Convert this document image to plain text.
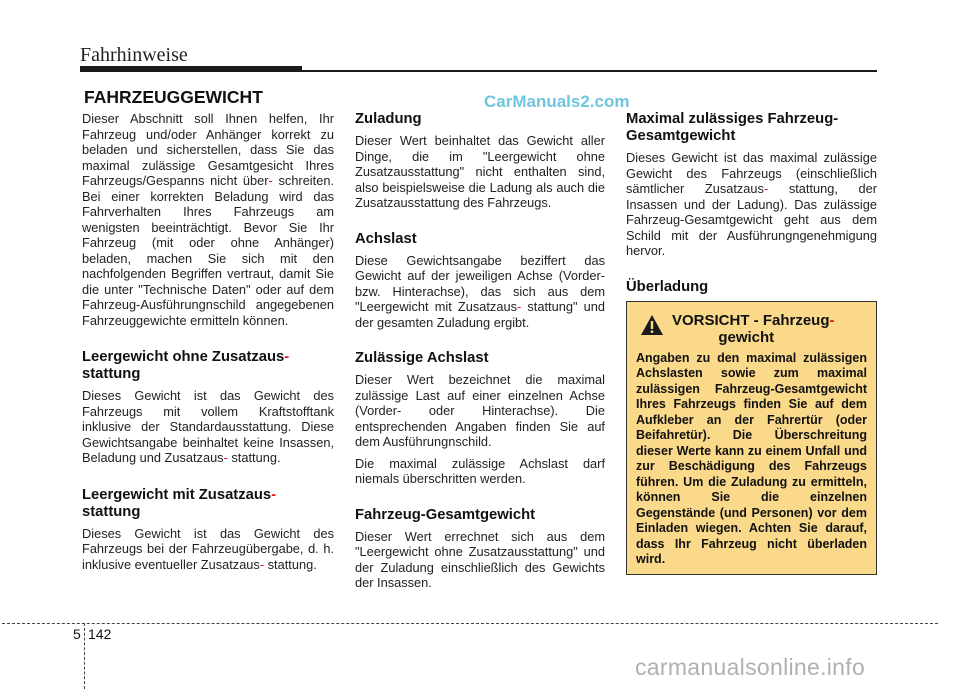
Fahrhinweise
FAHRZEUGGEWICHT	CarManuals2.com

Dieser Abschnitt soll Ihnen helfen, Ihr Fahrzeug und/oder Anhänger korrekt zu beladen und sicherstellen, dass Sie das maximal zulässige Gesamtgesicht Ihres Fahrzeugs/Gespanns nicht über- schreiten. Bei einer korrekten Beladung wird das Fahrverhalten Ihres Fahrzeugs am wenigsten beeinträchtigt. Bevor Sie Ihr Fahrzeug (mit oder ohne Anhänger) beladen, machen Sie sich mit den nachfolgenden Begriffen vertraut, damit Sie die unter "Technische Daten" oder auf dem Fahrzeug-Ausführungnschild angegebenen Fahrzeuggewichte ermitteln können.

Leergewicht ohne Zusatzaus-
stattung

Dieses Gewicht ist das Gewicht des Fahrzeugs mit vollem Kraftstofftank inklusive der Standardausstattung. Diese Gewichtsangabe beinhaltet keine Insassen, Beladung und Zusatzaus- stattung.

Leergewicht mit Zusatzaus-
stattung

Dieses Gewicht ist das Gewicht des Fahrzeugs bei der Fahrzeugübergabe, d. h. inklusive eventueller Zusatzaus- stattung.

Zuladung

Dieser Wert beinhaltet das Gewicht aller Dinge, die im "Leergewicht ohne Zusatzausstattung" nicht enthalten sind, also beispielsweise die Ladung als auch die Zusatzausstattung des Fahrzeugs.

Achslast

Diese Gewichtsangabe beziffert das Gewicht auf der jeweiligen Achse (Vorder- bzw. Hinterachse), das sich aus dem "Leergewicht mit Zusatzaus- stattung" und der gesamten Zuladung ergibt.

Zulässige Achslast

Dieser Wert bezeichnet die maximal zulässige Last auf einer einzelnen Achse (Vorder- oder Hinterachse). Die entsprechenden Angaben finden Sie auf dem Ausführungnschild.

Die maximal zulässige Achslast darf niemals überschritten werden.

Fahrzeug-Gesamtgewicht

Dieser Wert errechnet sich aus dem "Leergewicht ohne Zusatzausstattung" und der Zuladung einschließlich des Gewichts der Insassen.

Maximal zulässiges Fahrzeug-Gesamtgewicht

Dieses Gewicht ist das maximal zulässige Gewicht des Fahrzeugs (einschließlich sämtlicher Zusatzaus- stattung, der Insassen und der Ladung). Das zulässige Fahrzeug-Gesamtgewicht geht aus dem Schild mit der Ausführungngenehmigung hervor.

Überladung
VORSICHT - Fahrzeug-
gewicht
Angaben zu den maximal zulässigen Achslasten sowie zum maximal zulässigen Fahrzeug-Gesamtgewicht Ihres Fahrzeugs finden Sie auf dem Aufkleber an der Fahrertür (oder Beifahretür). Die Überschreitung dieser Werte kann zu einem Unfall und zur Beschädigung des Fahrzeugs führen. Um die Zuladung zu ermitteln, können Sie die einzelnen Gegenstände (und Personen) vor dem Einladen wiegen. Achten Sie darauf, dass Ihr Fahrzeug nicht überladen wird.
5 142
carmanualsonline.info
